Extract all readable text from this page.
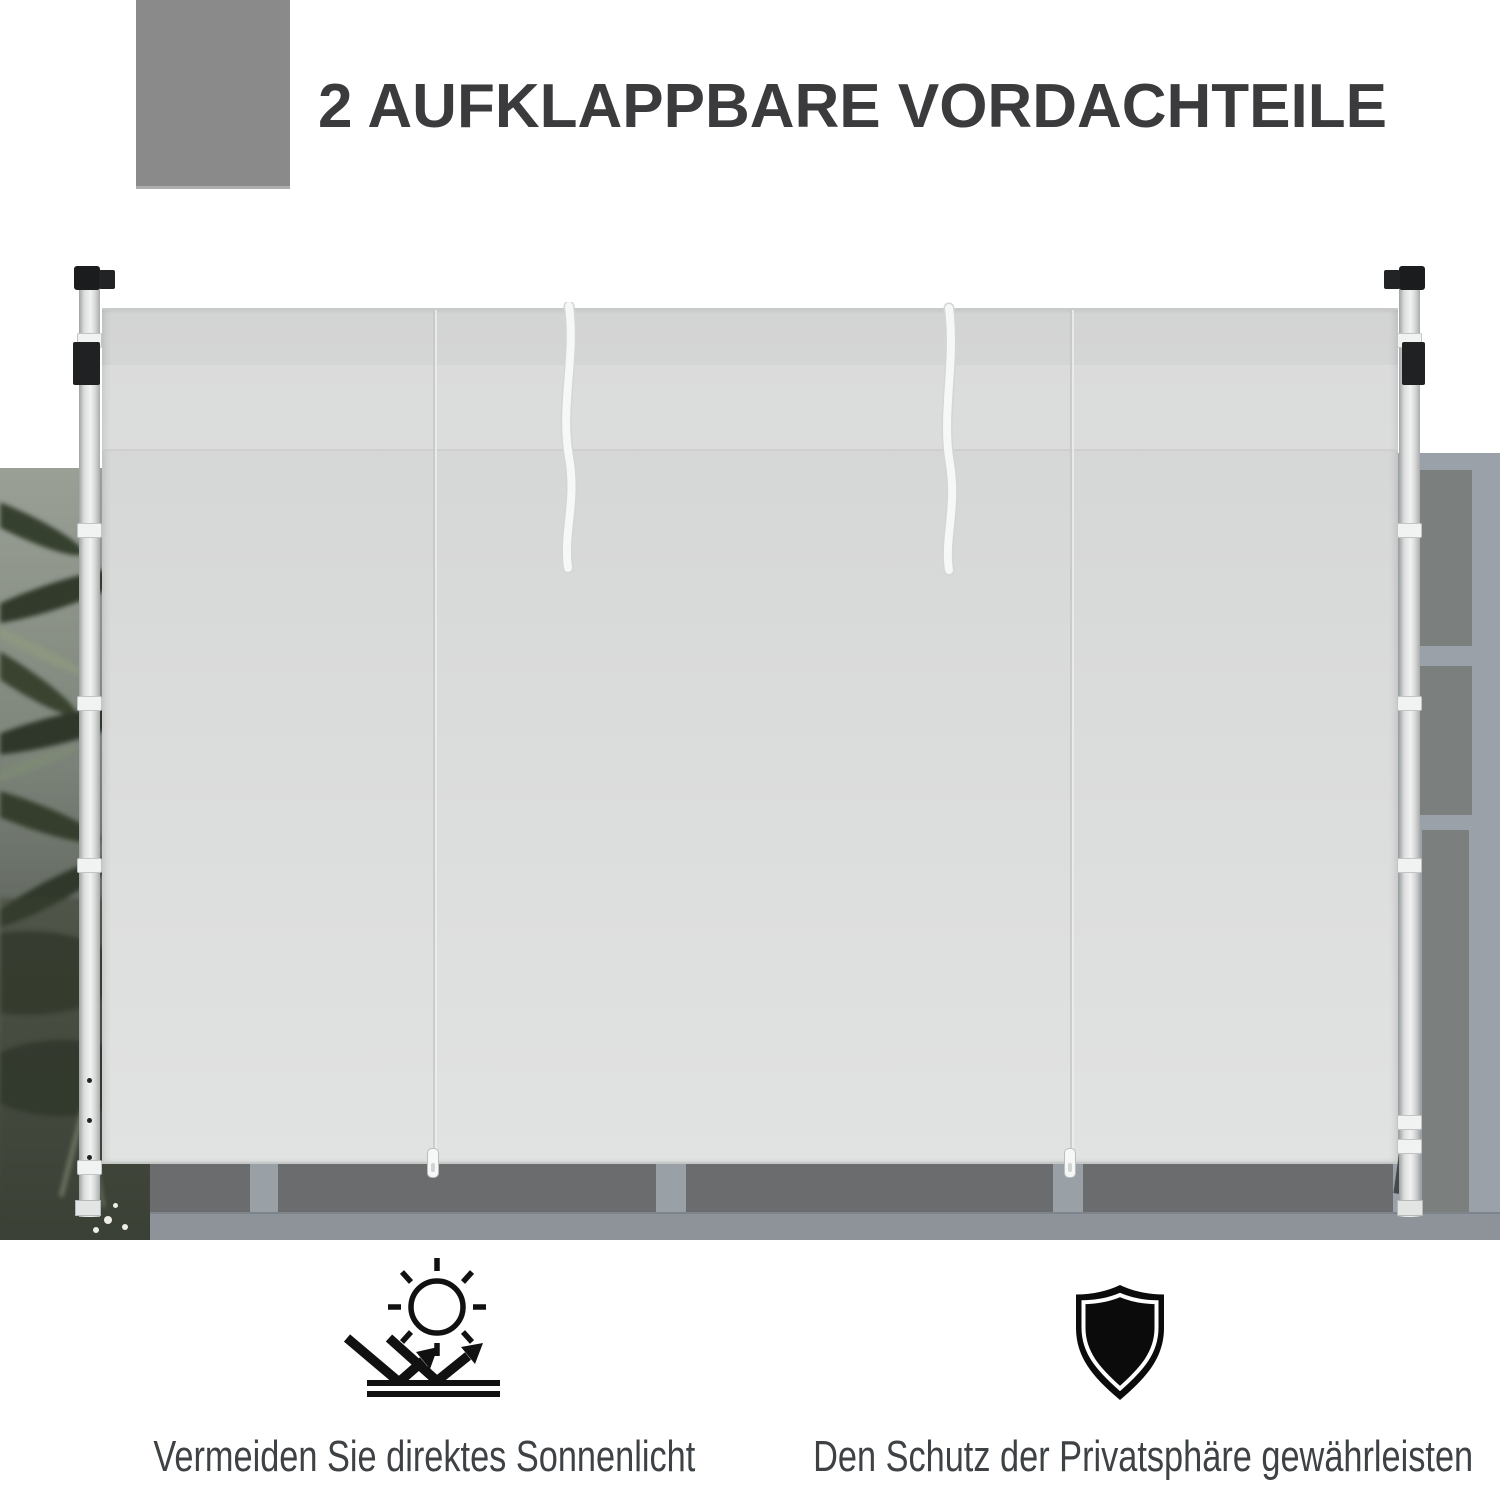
2 AUFKLAPPBARE VORDACHTEILE
Vermeiden Sie direktes Sonnenlicht	Den Schutz der Privatsphäre gewährleisten
